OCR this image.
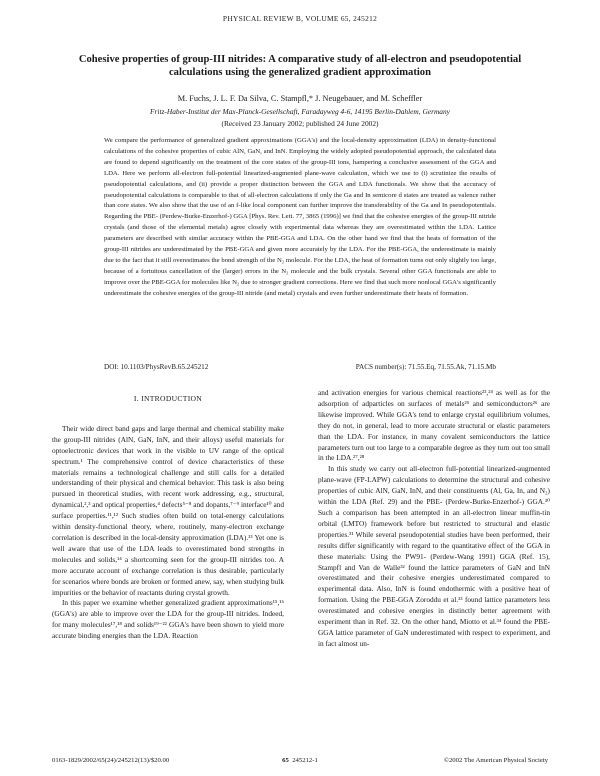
PHYSICAL REVIEW B, VOLUME 65, 245212
Cohesive properties of group-III nitrides: A comparative study of all-electron and pseudopotential calculations using the generalized gradient approximation
M. Fuchs, J. L. F. Da Silva, C. Stampfl,* J. Neugebauer, and M. Scheffler
Fritz-Haber-Institut der Max-Planck-Gesellschaft, Faradayweg 4-6, 14195 Berlin-Dahlem, Germany
(Received 23 January 2002; published 24 June 2002)

We compare the performance of generalized gradient approximations (GGA's) and the local-density approximation (LDA) in density-functional calculations of the cohesive properties of cubic AlN, GaN, and InN. Employing the widely adopted pseudopotential approach, the calculated data are found to depend significantly on the treatment of the core states of the group-III ions, hampering a conclusive assessment of the GGA and LDA. Here we perform all-electron full-potential linearized-augmented plane-wave calculation, which we use to (i) scrutinize the results of pseudopotential calculations, and (ii) provide a proper distinction between the GGA and LDA functionals. We show that the accuracy of pseudopotential calculations is comparable to that of all-electron calculations if only the Ga and In semicore d states are treated as valence rather than core states. We also show that the use of an f-like local component can further improve the transferability of the Ga and In pseudopotentials. Regarding the PBE- (Perdew-Burke-Enzerhof-) GGA [Phys. Rev. Lett. 77, 3865 (1996)] we find that the cohesive energies of the group-III nitride crystals (and those of the elemental metals) agree closely with experimental data whereas they are overestimated within the LDA. Lattice parameters are described with similar accuracy within the PBE-GGA and LDA. On the other hand we find that the heats of formation of the group-III nitrides are underestimated by the PBE-GGA and given more accurately by the LDA. For the PBE-GGA, the underestimate is mainly due to the fact that it still overestimates the bond strength of the N₂ molecule. For the LDA, the heat of formation turns out only slightly too large, because of a fortuitous cancellation of the (larger) errors in the N₂ molecule and the bulk crystals. Several other GGA functionals are able to improve over the PBE-GGA for molecules like N₂ due to stronger gradient corrections. Here we find that such more nonlocal GGA's significantly underestimate the cohesive energies of the group-III nitride (and metal) crystals and even further underestimate their heats of formation.

DOI: 10.1103/PhysRevB.65.245212	PACS number(s): 71.55.Eq, 71.55.Ak, 71.15.Mb
I. INTRODUCTION

Their wide direct band gaps and large thermal and chemical stability make the group-III nitrides (AlN, GaN, InN, and their alloys) useful materials for optoelectronic devices that work in the visible to UV range of the optical spectrum.¹ The comprehensive control of device characteristics of these materials remains a technological challenge and still calls for a detailed understanding of their physical and chemical behavior. This task is also being pursued in theoretical studies, with recent work addressing, e.g., structural, dynamical,²,³ and optical properties,⁴ defects⁵⁻⁸ and dopants,⁷⁻⁹ interface¹⁰ and surface properties.¹¹,¹² Such studies often build on total-energy calculations within density-functional theory, where, routinely, many-electron exchange correlation is described in the local-density approximation (LDA).¹³ Yet one is well aware that use of the LDA leads to overestimated bond strengths in molecules and solids,¹⁴ a shortcoming seen for the group-III nitrides too. A more accurate account of exchange correlation is thus desirable, particularly for scenarios where bonds are broken or formed anew, say, when studying bulk impurities or the behavior of reactants during crystal growth.

In this paper we examine whether generalized gradient approximations¹⁵,¹⁶ (GGA's) are able to improve over the LDA for the group-III nitrides. Indeed, for many molecules¹⁷,¹⁸ and solids¹⁹⁻²² GGA's have been shown to yield more accurate binding energies than the LDA. Reaction

and activation energies for various chemical reactions²³,²⁴ as well as for the adsorption of adparticles on surfaces of metals²⁵ and semiconductors²⁶ are likewise improved. While GGA's tend to enlarge crystal equilibrium volumes, they do not, in general, lead to more accurate structural or elastic parameters than the LDA. For instance, in many covalent semiconductors the lattice parameters turn out too large to a comparable degree as they turn out too small in the LDA.²⁷,²⁸

In this study we carry out all-electron full-potential linearized-augmented plane-wave (FP-LAPW) calculations to determine the structural and cohesive properties of cubic AlN, GaN, InN, and their constituents (Al, Ga, In, and N₂) within the LDA (Ref. 29) and the PBE- (Perdew-Burke-Enzerhof-) GGA.³⁰ Such a comparison has been attempted in an all-electron linear muffin-tin orbital (LMTO) framework before but restricted to structural and elastic properties.³¹ While several pseudopotential studies have been performed, their results differ significantly with regard to the quantitative effect of the GGA in these materials: Using the PW91- (Perdew-Wang 1991) GGA (Ref. 15), Stampfl and Van de Walle³² found the lattice parameters of GaN and InN overestimated and their cohesive energies underestimated compared to experimental data. Also, InN is found endothermic with a positive heat of formation. Using the PBE-GGA Zoroddu et al.³³ found lattice parameters less overestimated and cohesive energies in distinctly better agreement with experiment than in Ref. 32. On the other hand, Miotto et al.³⁴ found the PBE-GGA lattice parameter of GaN underestimated with respect to experiment, and in fact almost un-

0163-1829/2002/65(24)/245212(13)/$20.00	65 245212-1	©2002 The American Physical Society
